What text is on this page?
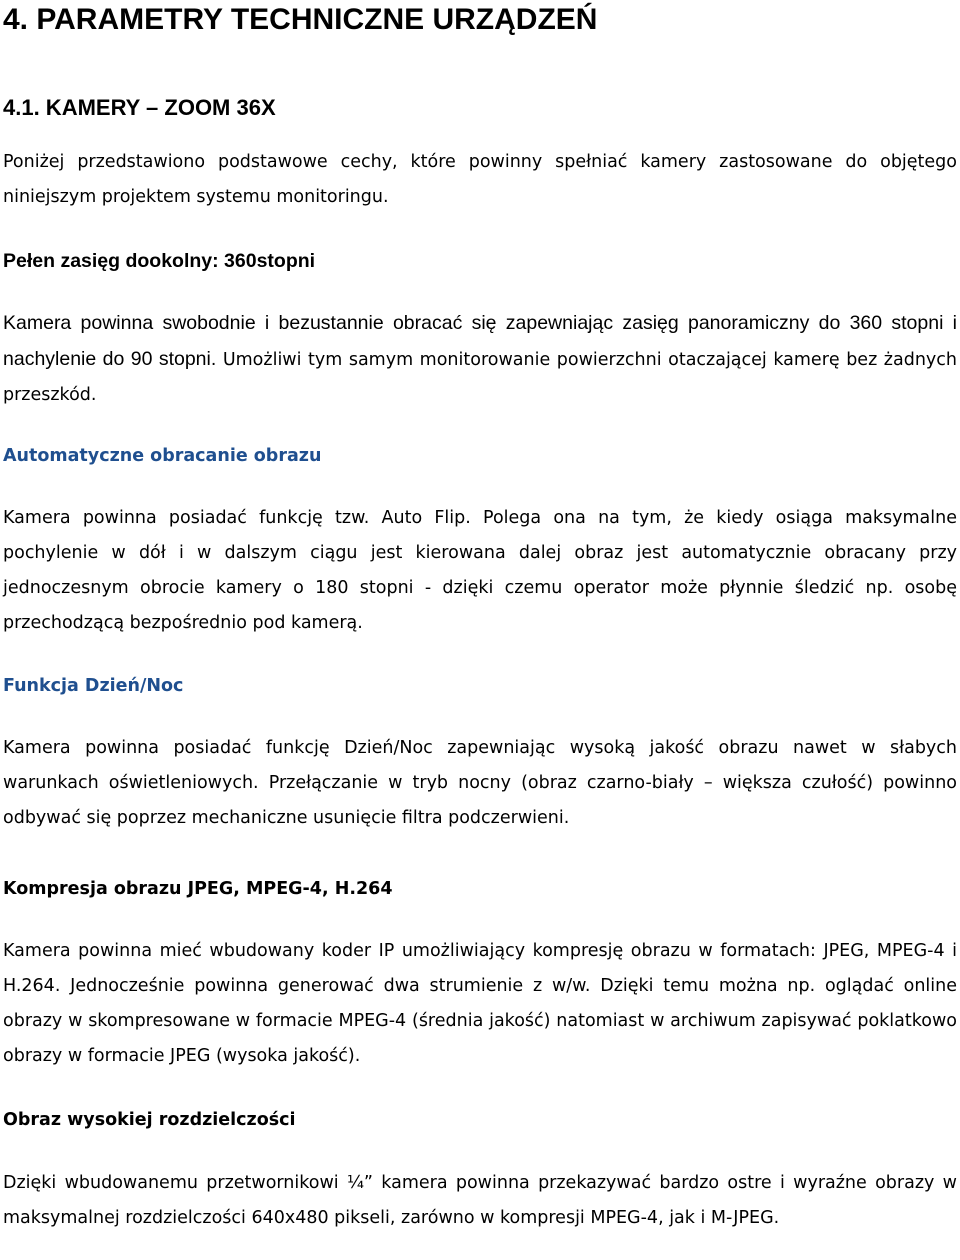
4. PARAMETRY TECHNICZNE URZĄDZEŃ
4.1. KAMERY – ZOOM 36X

Poniżej przedstawiono podstawowe cechy, które powinny spełniać kamery zastosowane do objętego niniejszym projektem systemu monitoringu.

Pełen zasięg dookolny: 360stopni

Kamera powinna swobodnie i bezustannie obracać się zapewniając zasięg panoramiczny do 360 stopni i nachylenie do 90 stopni. Umożliwi tym samym monitorowanie powierzchni otaczającej kamerę bez żadnych przeszkód.

Automatyczne obracanie obrazu

Kamera powinna posiadać funkcję tzw. Auto Flip. Polega ona na tym, że kiedy osiąga maksymalne pochylenie w dół i w dalszym ciągu jest kierowana dalej obraz jest automatycznie obracany przy jednoczesnym obrocie kamery o 180 stopni - dzięki czemu operator może płynnie śledzić np. osobę przechodzącą bezpośrednio pod kamerą.

Funkcja Dzień/Noc

Kamera powinna posiadać funkcję Dzień/Noc zapewniając wysoką jakość obrazu nawet w słabych warunkach oświetleniowych. Przełączanie w tryb nocny (obraz czarno-biały – większa czułość) powinno odbywać się poprzez mechaniczne usunięcie filtra podczerwieni.

Kompresja obrazu JPEG, MPEG-4, H.264

Kamera powinna mieć wbudowany koder IP umożliwiający kompresję obrazu w formatach: JPEG, MPEG-4 i H.264. Jednocześnie powinna generować dwa strumienie z w/w. Dzięki temu można np. oglądać online obrazy w skompresowane w formacie MPEG-4 (średnia jakość) natomiast w archiwum zapisywać poklatkowo obrazy w formacie JPEG (wysoka jakość).

Obraz wysokiej rozdzielczości

Dzięki wbudowanemu przetwornikowi ¼” kamera powinna przekazywać bardzo ostre i wyraźne obrazy w maksymalnej rozdzielczości 640x480 pikseli, zarówno w kompresji MPEG-4, jak i M-JPEG.
